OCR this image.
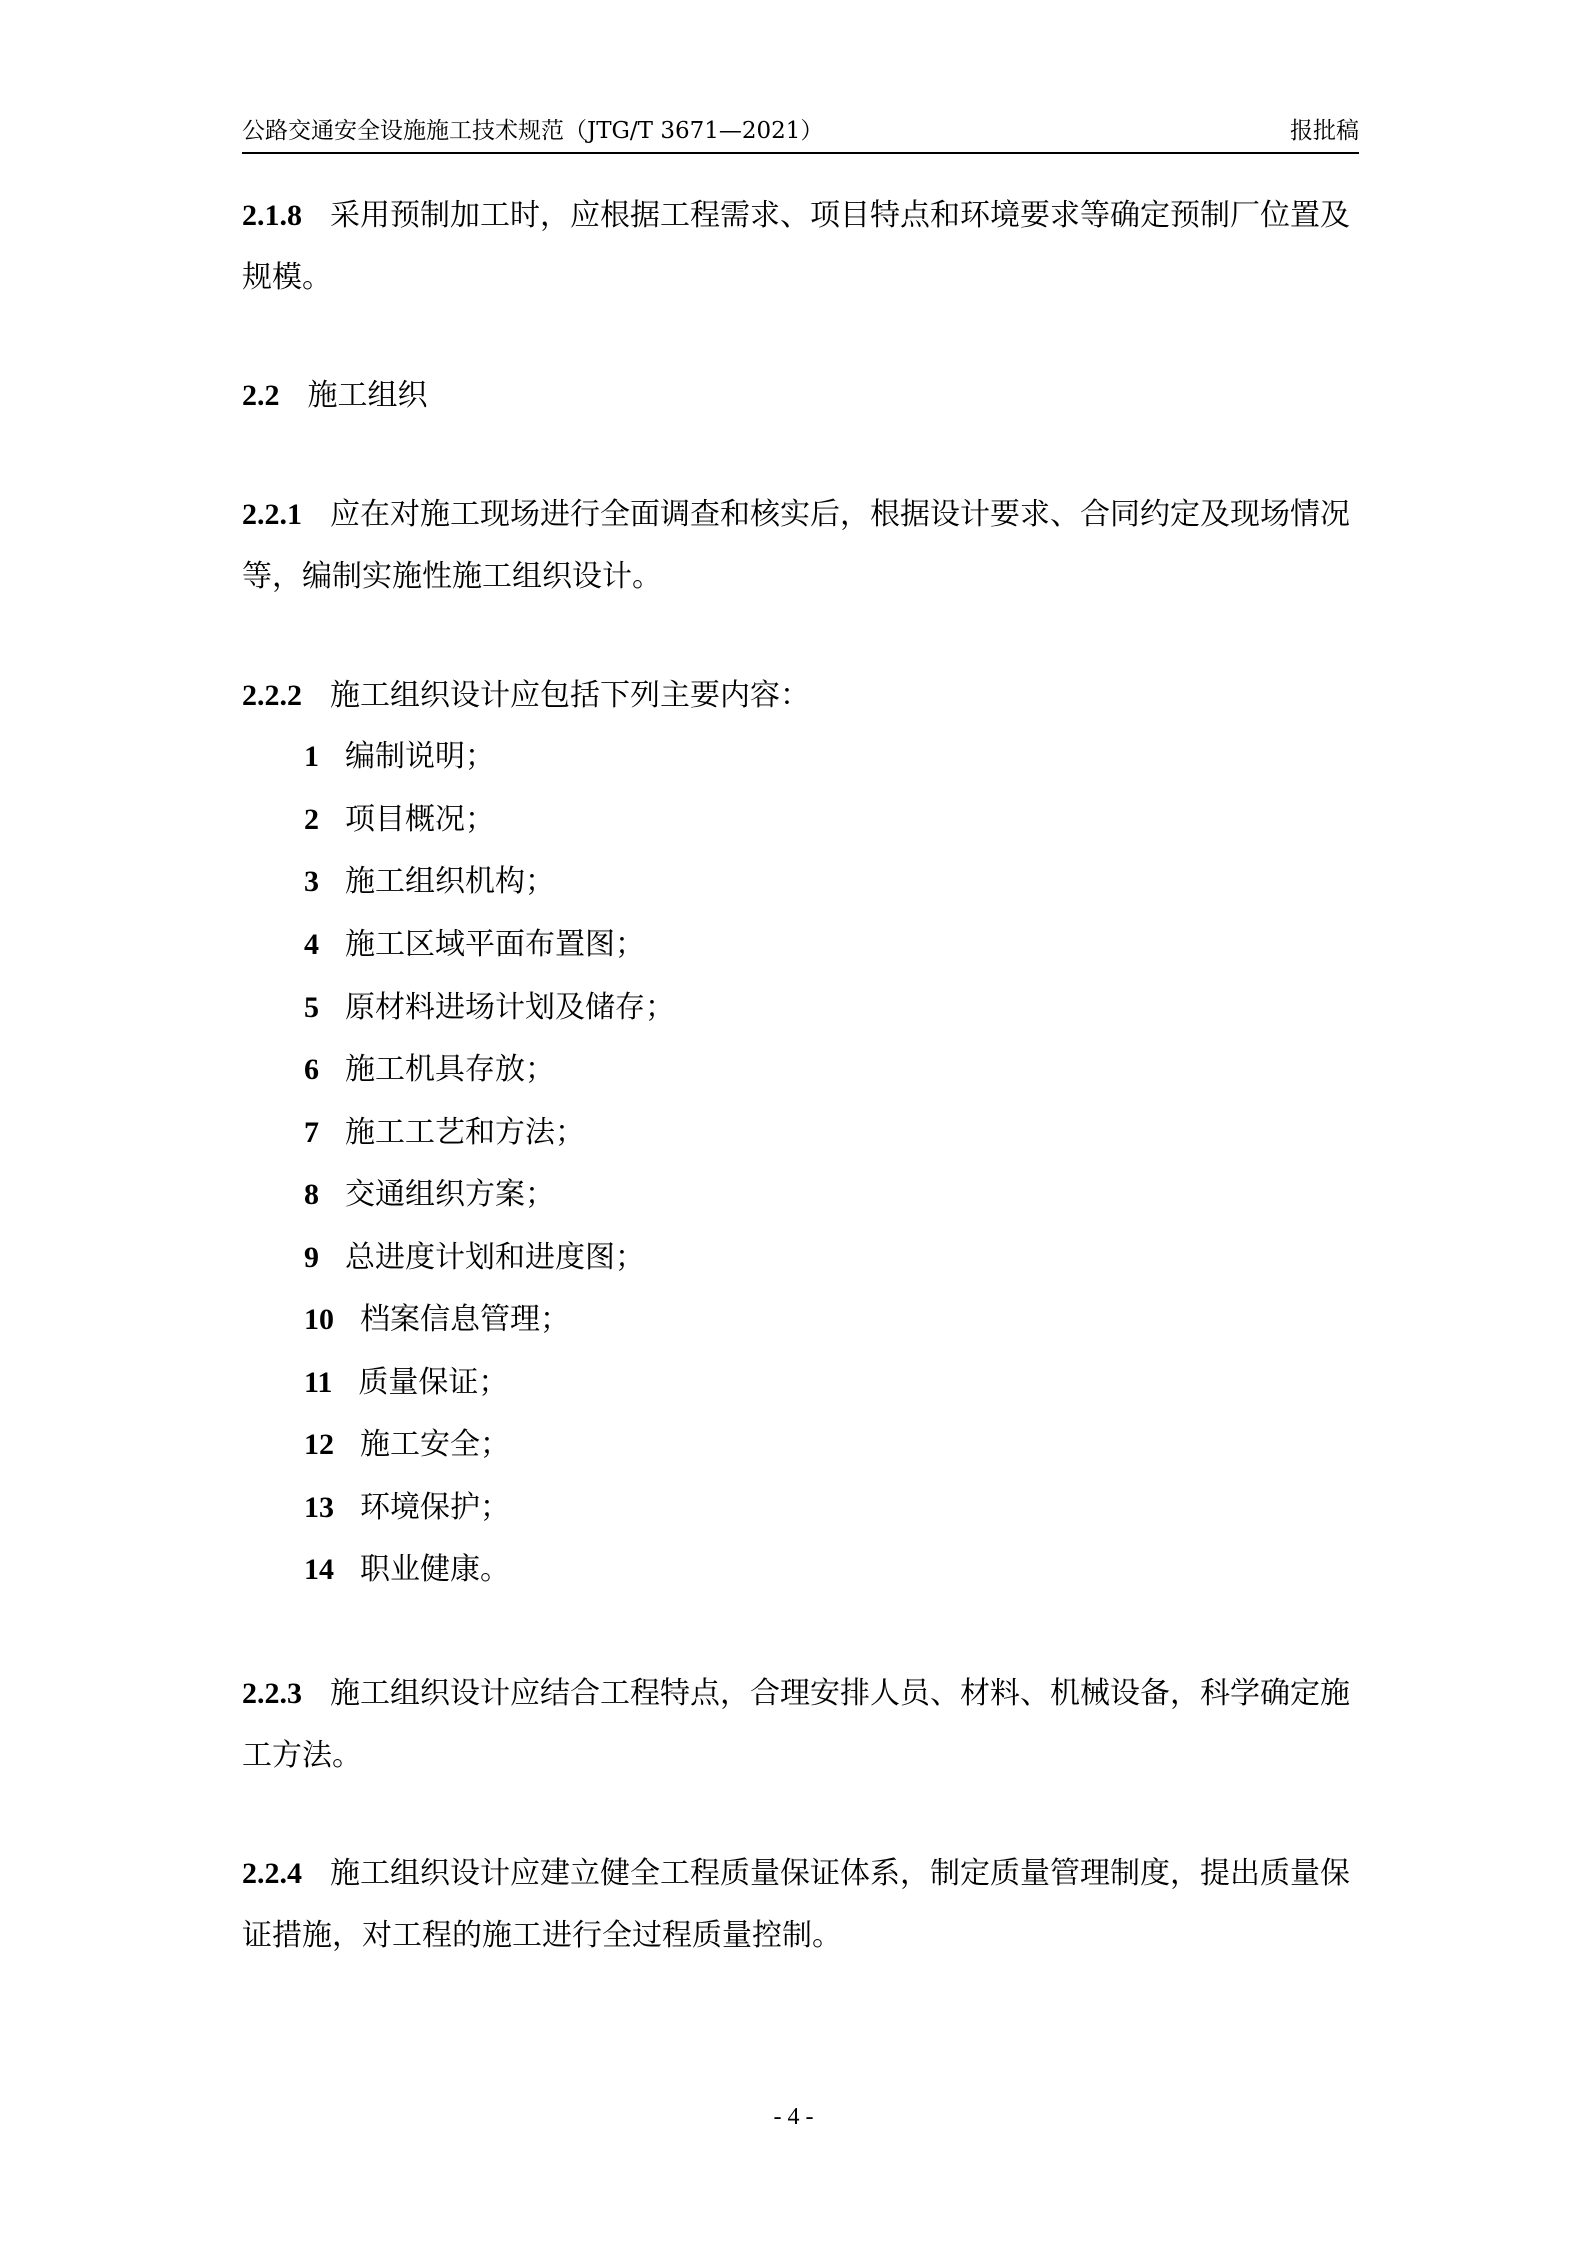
公路交通安全设施施工技术规范（JTG/T 3671—2021）	报批稿

2.1.8 采用预制加工时，应根据工程需求、项目特点和环境要求等确定预制厂位置及规模。

2.2 施工组织

2.2.1 应在对施工现场进行全面调查和核实后，根据设计要求、合同约定及现场情况等，编制实施性施工组织设计。

2.2.2 施工组织设计应包括下列主要内容：

1 编制说明；
2 项目概况；
3 施工组织机构；
4 施工区域平面布置图；
5 原材料进场计划及储存；
6 施工机具存放；
7 施工工艺和方法；
8 交通组织方案；
9 总进度计划和进度图；
10 档案信息管理；
11 质量保证；
12 施工安全；
13 环境保护；
14 职业健康。

2.2.3 施工组织设计应结合工程特点，合理安排人员、材料、机械设备，科学确定施工方法。

2.2.4 施工组织设计应建立健全工程质量保证体系，制定质量管理制度，提出质量保证措施，对工程的施工进行全过程质量控制。

- 4 -
